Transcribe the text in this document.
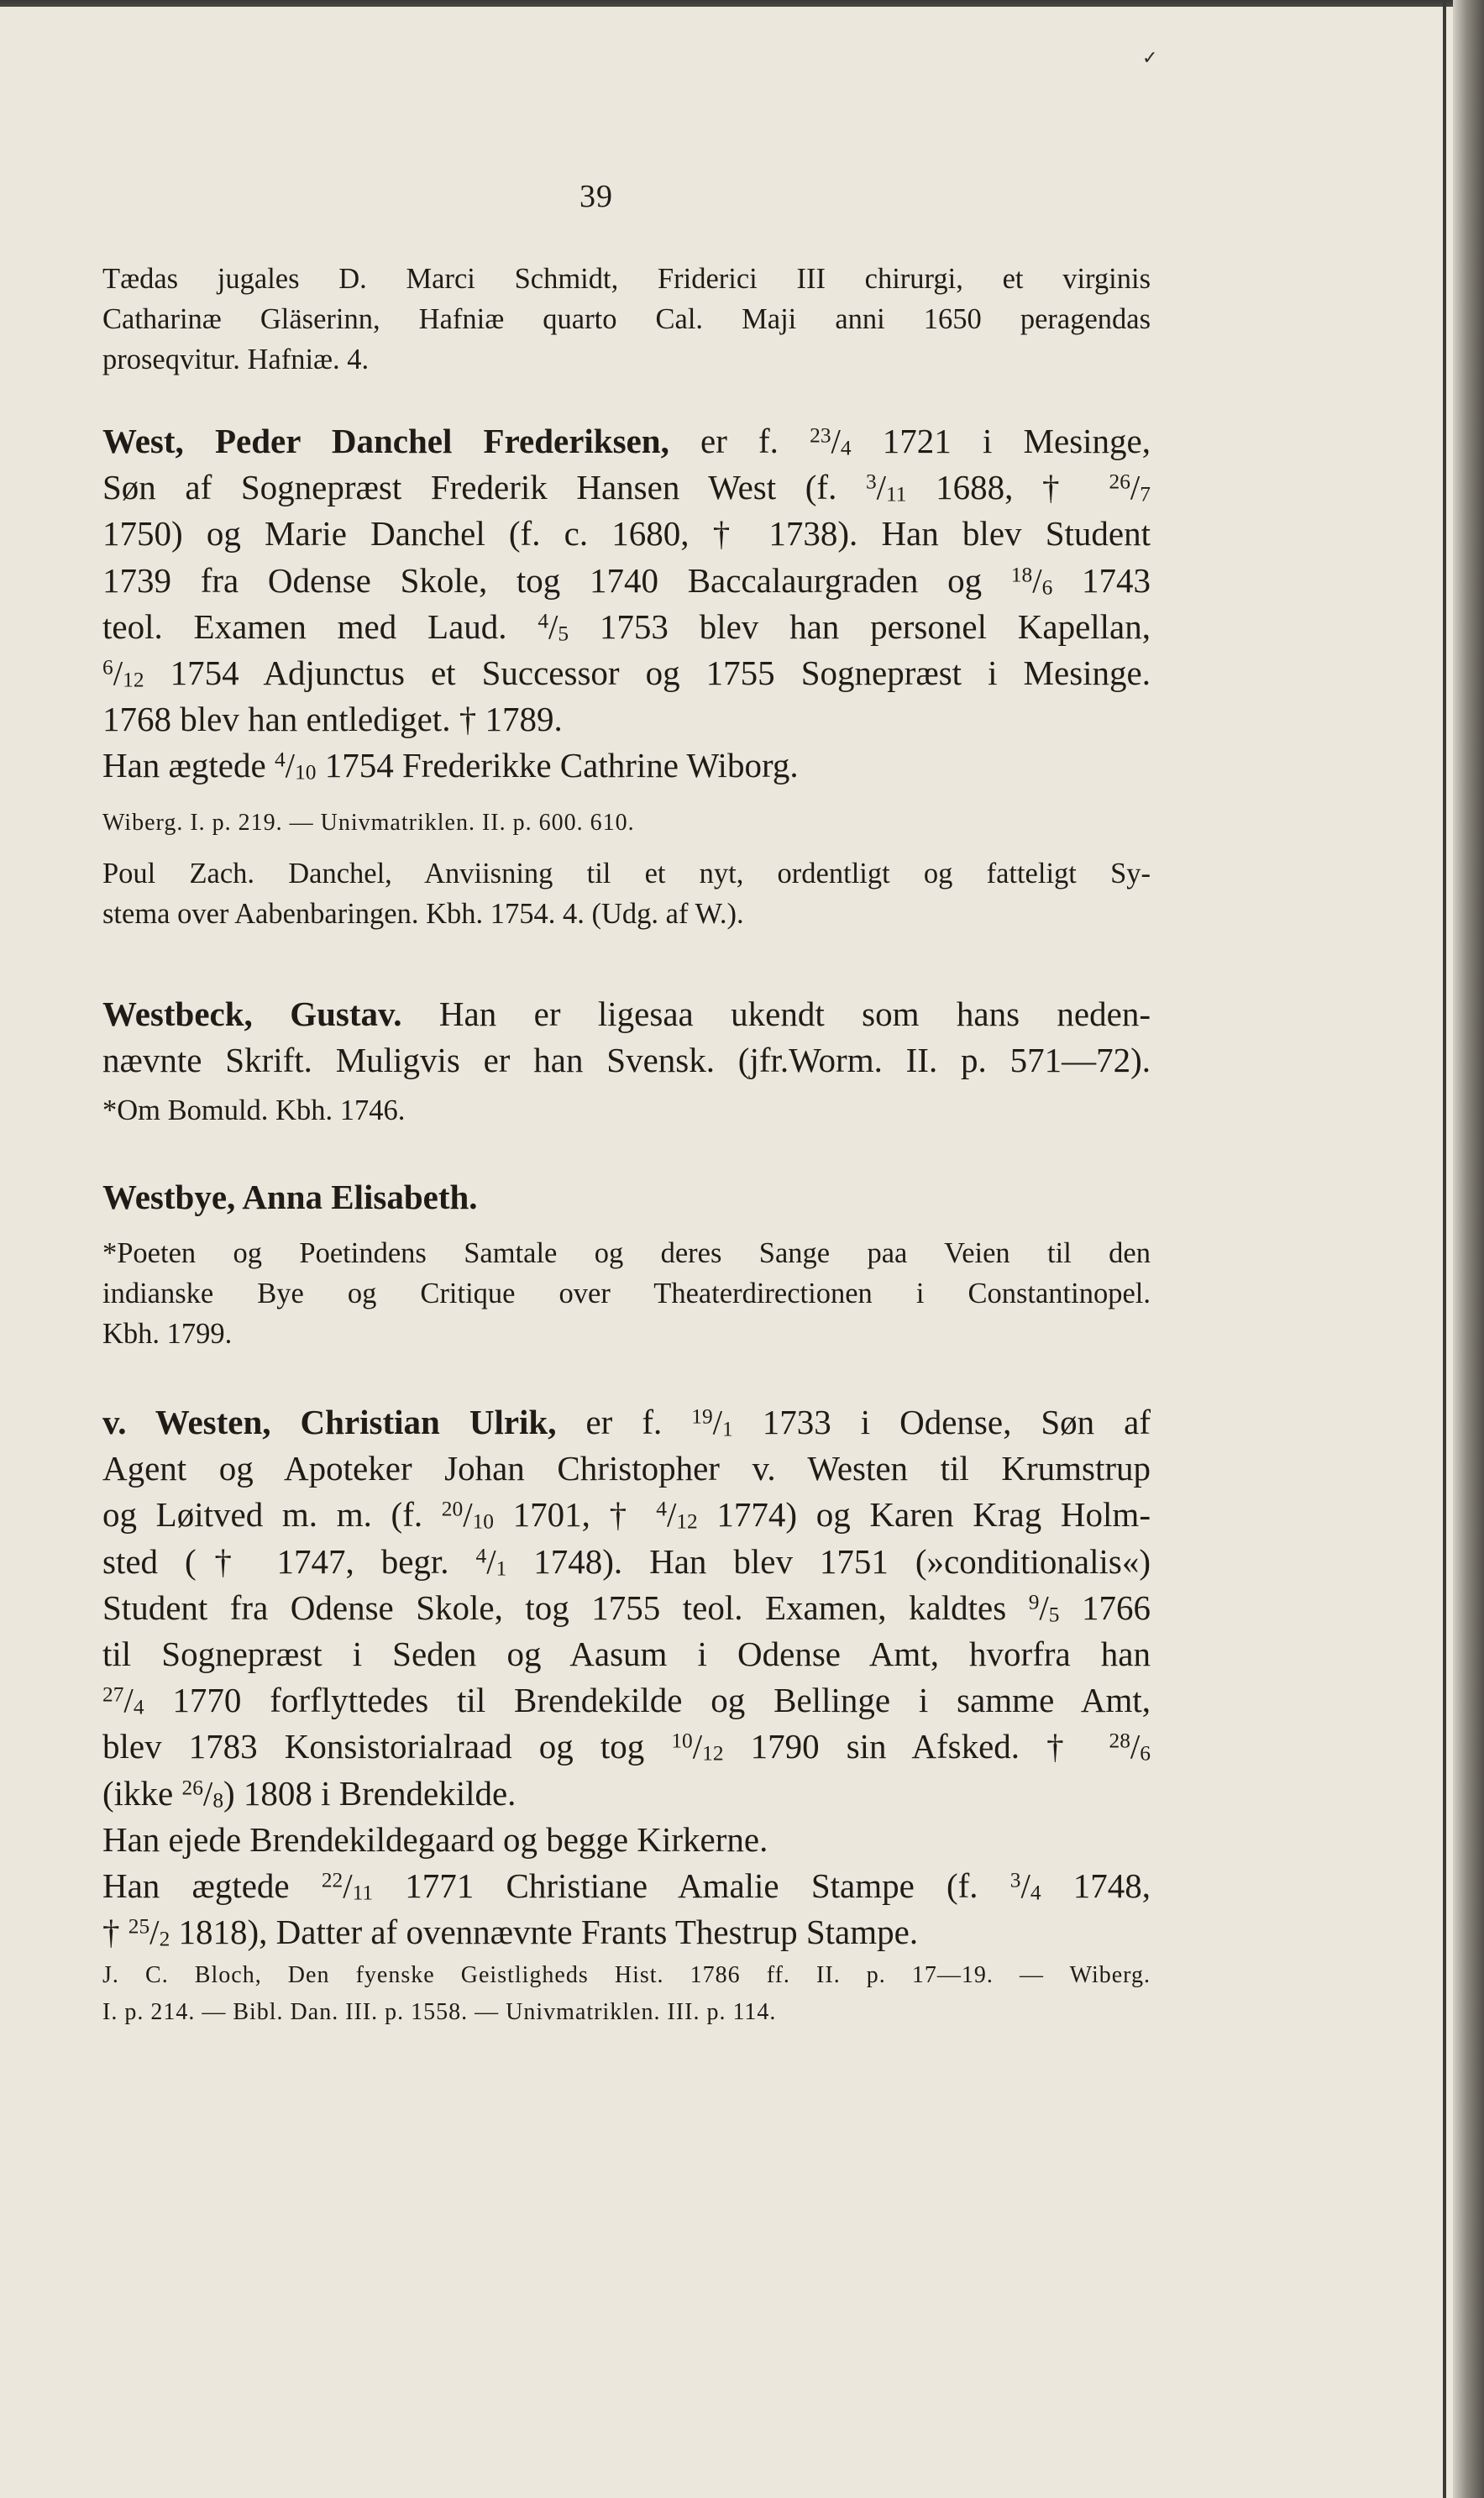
✓
39
Tædas jugales D. Marci Schmidt, Friderici III chirurgi, et virginis
Catharinæ Gläserinn, Hafniæ quarto Cal. Maji anni 1650 peragendas
proseqvitur. Hafniæ. 4.
West, Peder Danchel Frederiksen, er f. $^{23}/_4$ 1721 i Mesinge,
Søn af Sognepræst Frederik Hansen West (f. $^3/_{11}$ 1688, † $^{26}/_7$
1750) og Marie Danchel (f. c. 1680, † 1738). Han blev Student
1739 fra Odense Skole, tog 1740 Baccalaurgraden og $^{18}/_6$ 1743
teol. Examen med Laud. $^4/_5$ 1753 blev han personel Kapellan,
$^6/_{12}$ 1754 Adjunctus et Successor og 1755 Sognepræst i Mesinge.
1768 blev han entlediget. † 1789.
Han ægtede $^4/_{10}$ 1754 Frederikke Cathrine Wiborg.
Wiberg. I. p. 219. — Univmatriklen. II. p. 600. 610.
Poul Zach. Danchel, Anviisning til et nyt, ordentligt og fatteligt Sy-
stema over Aabenbaringen. Kbh. 1754. 4. (Udg. af W.).
Westbeck, Gustav. Han er ligesaa ukendt som hans neden-
nævnte Skrift. Muligvis er han Svensk. (jfr.Worm. II. p. 571—72).
*Om Bomuld. Kbh. 1746.
Westbye, Anna Elisabeth.
*Poeten og Poetindens Samtale og deres Sange paa Veien til den
indianske Bye og Critique over Theaterdirectionen i Constantinopel.
Kbh. 1799.
v. Westen, Christian Ulrik, er f. $^{19}/_1$ 1733 i Odense, Søn af
Agent og Apoteker Johan Christopher v. Westen til Krumstrup
og Løitved m. m. (f. $^{20}/_{10}$ 1701, † $^4/_{12}$ 1774) og Karen Krag Holm-
sted († 1747, begr. $^4/_1$ 1748). Han blev 1751 (»conditionalis«)
Student fra Odense Skole, tog 1755 teol. Examen, kaldtes $^9/_5$ 1766
til Sognepræst i Seden og Aasum i Odense Amt, hvorfra han
$^{27}/_4$ 1770 forflyttedes til Brendekilde og Bellinge i samme Amt,
blev 1783 Konsistorialraad og tog $^{10}/_{12}$ 1790 sin Afsked. † $^{28}/_6$
(ikke $^{26}/_8$) 1808 i Brendekilde.
Han ejede Brendekildegaard og begge Kirkerne.
Han ægtede $^{22}/_{11}$ 1771 Christiane Amalie Stampe (f. $^3/_4$ 1748,
† $^{25}/_2$ 1818), Datter af ovennævnte Frants Thestrup Stampe.
J. C. Bloch, Den fyenske Geistligheds Hist. 1786 ff. II. p. 17—19. — Wiberg.
I. p. 214. — Bibl. Dan. III. p. 1558. — Univmatriklen. III. p. 114.
